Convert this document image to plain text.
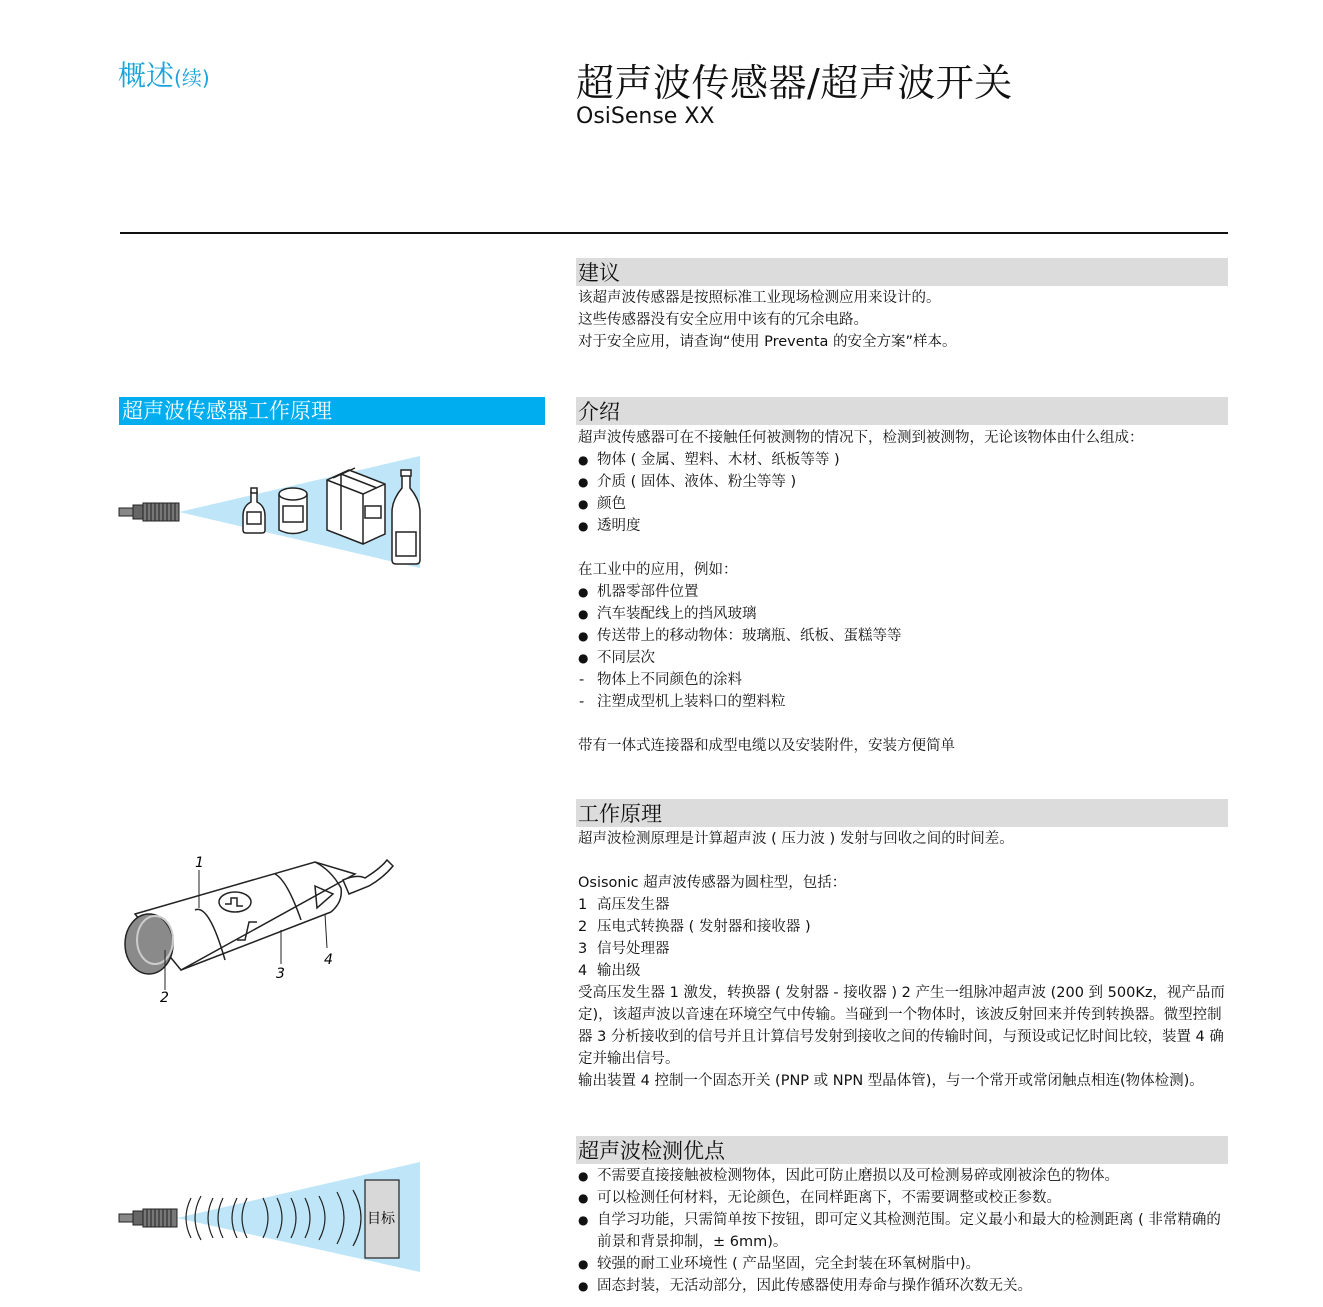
概述(续)	超声波传感器/超声波开关
OsiSense XX
建议
该超声波传感器是按照标准工业现场检测应用来设计的。
这些传感器没有安全应用中该有的冗余电路。
对于安全应用，请查询“使用 Preventa 的安全方案”样本。
介绍
超声波传感器可在不接触任何被测物的情况下，检测到被测物，无论该物体由什么组成：
● 物体 ( 金属、塑料、木材、纸板等等 )
● 介质 ( 固体、液体、粉尘等等 )
● 颜色
● 透明度
在工业中的应用，例如：
● 机器零部件位置
● 汽车装配线上的挡风玻璃
● 传送带上的移动物体：玻璃瓶、纸板、蛋糕等等
● 不同层次
- 物体上不同颜色的涂料
- 注塑成型机上装料口的塑料粒
带有一体式连接器和成型电缆以及安装附件，安装方便简单
工作原理
超声波检测原理是计算超声波 ( 压力波 ) 发射与回收之间的时间差。
Osisonic 超声波传感器为圆柱型，包括：
1 高压发生器
2 压电式转换器 ( 发射器和接收器 )
3 信号处理器
4 输出级
受高压发生器 1 激发，转换器 ( 发射器 - 接收器 ) 2 产生一组脉冲超声波 (200 到 500Kz，视产品而定)，该超声波以音速在环境空气中传输。当碰到一个物体时，该波反射回来并传到转换器。微型控制器 3 分析接收到的信号并且计算信号发射到接收之间的传输时间，与预设或记忆时间比较，装置 4 确定并输出信号。
输出装置 4 控制一个固态开关 (PNP 或 NPN 型晶体管)，与一个常开或常闭触点相连(物体检测)。
超声波检测优点
● 不需要直接接触被检测物体，因此可防止磨损以及可检测易碎或刚被涂色的物体。
● 可以检测任何材料，无论颜色，在同样距离下，不需要调整或校正参数。
● 自学习功能，只需简单按下按钮，即可定义其检测范围。定义最小和最大的检测距离 ( 非常精确的前景和背景抑制，± 6mm)。
● 较强的耐工业环境性 ( 产品坚固，完全封装在环氧树脂中)。
● 固态封装，无活动部分，因此传感器使用寿命与操作循环次数无关。
超声波传感器工作原理
1
2
3
4
目标
